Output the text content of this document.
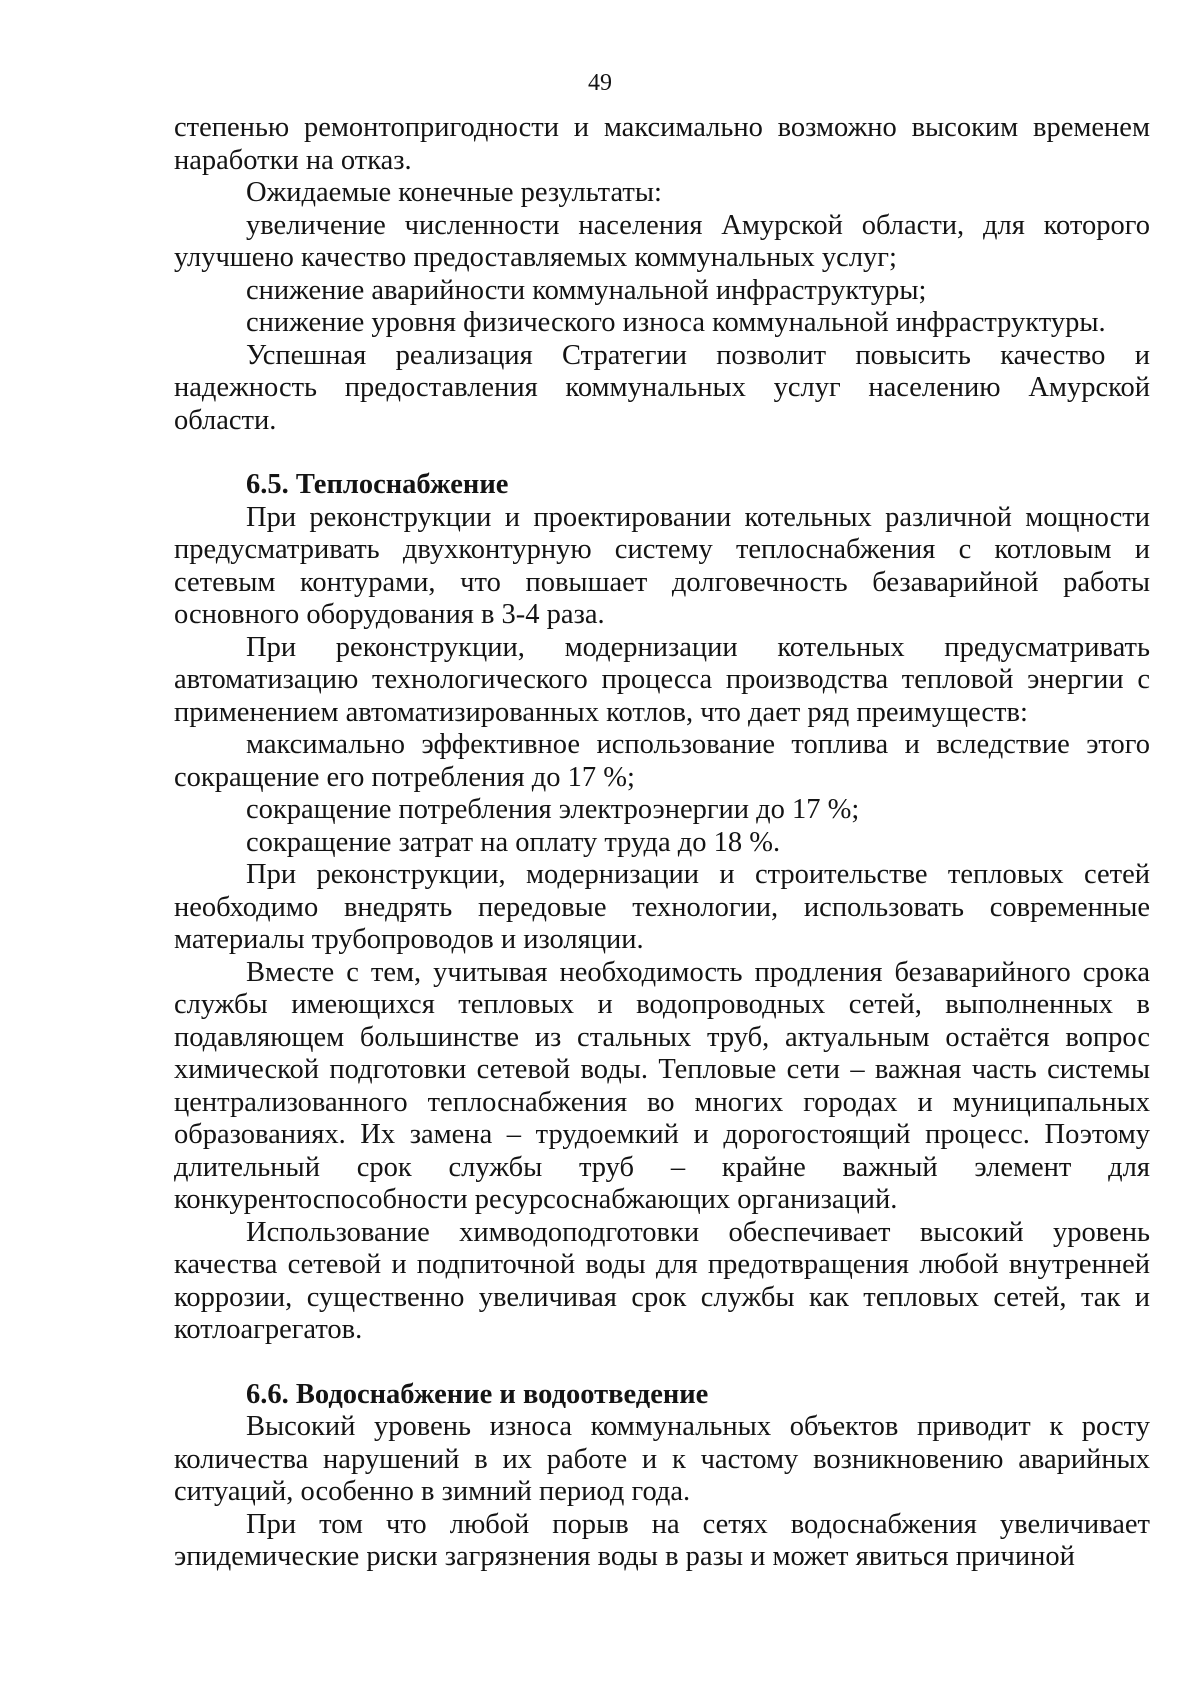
49

степенью ремонтопригодности и максимально возможно высоким временем наработки на отказ.

Ожидаемые конечные результаты:

увеличение численности населения Амурской области, для которого улучшено качество предоставляемых коммунальных услуг;

снижение аварийности коммунальной инфраструктуры;

снижение уровня физического износа коммунальной инфраструктуры.

Успешная реализация Стратегии позволит повысить качество и надежность предоставления коммунальных услуг населению Амурской области.

6.5. Теплоснабжение

При реконструкции и проектировании котельных различной мощности предусматривать двухконтурную систему теплоснабжения с котловым и сетевым контурами, что повышает долговечность безаварийной работы основного оборудования в 3-4 раза.

При реконструкции, модернизации котельных предусматривать автоматизацию технологического процесса производства тепловой энергии с применением автоматизированных котлов, что дает ряд преимуществ:

максимально эффективное использование топлива и вследствие этого сокращение его потребления до 17 %;

сокращение потребления электроэнергии до 17 %;

сокращение затрат на оплату труда до 18 %.

При реконструкции, модернизации и строительстве тепловых сетей необходимо внедрять передовые технологии, использовать современные материалы трубопроводов и изоляции.

Вместе с тем, учитывая необходимость продления безаварийного срока службы имеющихся тепловых и водопроводных сетей, выполненных в подавляющем большинстве из стальных труб, актуальным остаётся вопрос химической подготовки сетевой воды. Тепловые сети – важная часть системы централизованного теплоснабжения во многих городах и муниципальных образованиях. Их замена – трудоемкий и дорогостоящий процесс. Поэтому длительный срок службы труб – крайне важный элемент для конкурентоспособности ресурсоснабжающих организаций.

Использование химводоподготовки обеспечивает высокий уровень качества сетевой и подпиточной воды для предотвращения любой внутренней коррозии, существенно увеличивая срок службы как тепловых сетей, так и котлоагрегатов.

6.6. Водоснабжение и водоотведение

Высокий уровень износа коммунальных объектов приводит к росту количества нарушений в их работе и к частому возникновению аварийных ситуаций, особенно в зимний период года.

При том что любой порыв на сетях водоснабжения увеличивает эпидемические риски загрязнения воды в разы и может явиться причиной
